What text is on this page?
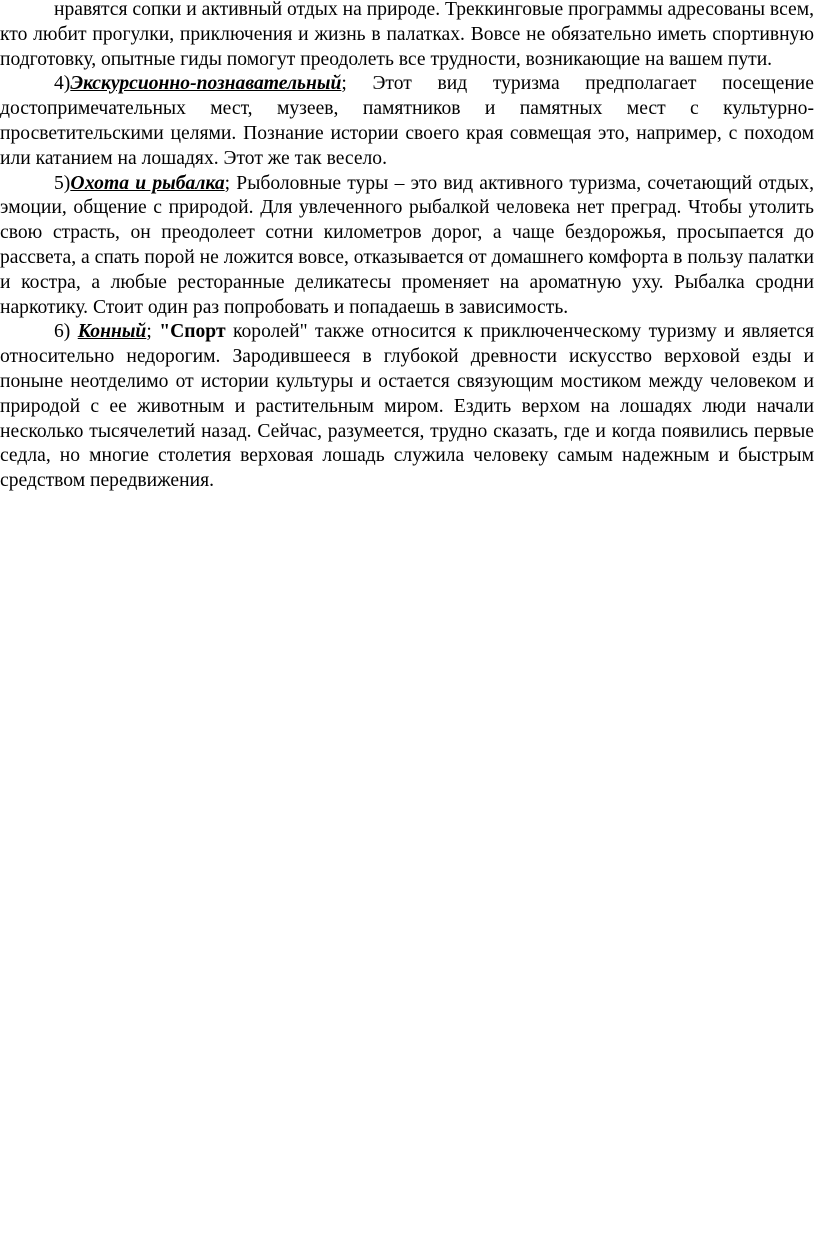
нравятся сопки и активный отдых на природе. Треккинговые программы адресованы всем, кто любит прогулки, приключения и жизнь в палатках. Вовсе не обязательно иметь спортивную подготовку, опытные гиды помогут преодолеть все трудности, возникающие на вашем пути.

4)Экскурсионно-познавательный; Этот вид туризма предполагает посещение достопримечательных мест, музеев, памятников и памятных мест с культурно-просветительскими целями. Познание истории своего края совмещая это, например, с походом или катанием на лошадях. Этот же так весело.

5)Охота и рыбалка; Рыболовные туры – это вид активного туризма, сочетающий отдых, эмоции, общение с природой. Для увлеченного рыбалкой человека нет преград. Чтобы утолить свою страсть, он преодолеет сотни километров дорог, а чаще бездорожья, просыпается до рассвета, а спать порой не ложится вовсе, отказывается от домашнего комфорта в пользу палатки и костра, а любые ресторанные деликатесы променяет на ароматную уху. Рыбалка сродни наркотику. Стоит один раз попробовать и попадаешь в зависимость.

6) Конный; "Спорт королей" также относится к приключенческому туризму и является относительно недорогим. Зародившееся в глубокой древности искусство верховой езды и поныне неотделимо от истории культуры и остается связующим мостиком между человеком и природой с ее животным и растительным миром. Ездить верхом на лошадях люди начали несколько тысячелетий назад. Сейчас, разумеется, трудно сказать, где и когда появились первые седла, но многие столетия верховая лошадь служила человеку самым надежным и быстрым средством передвижения.
